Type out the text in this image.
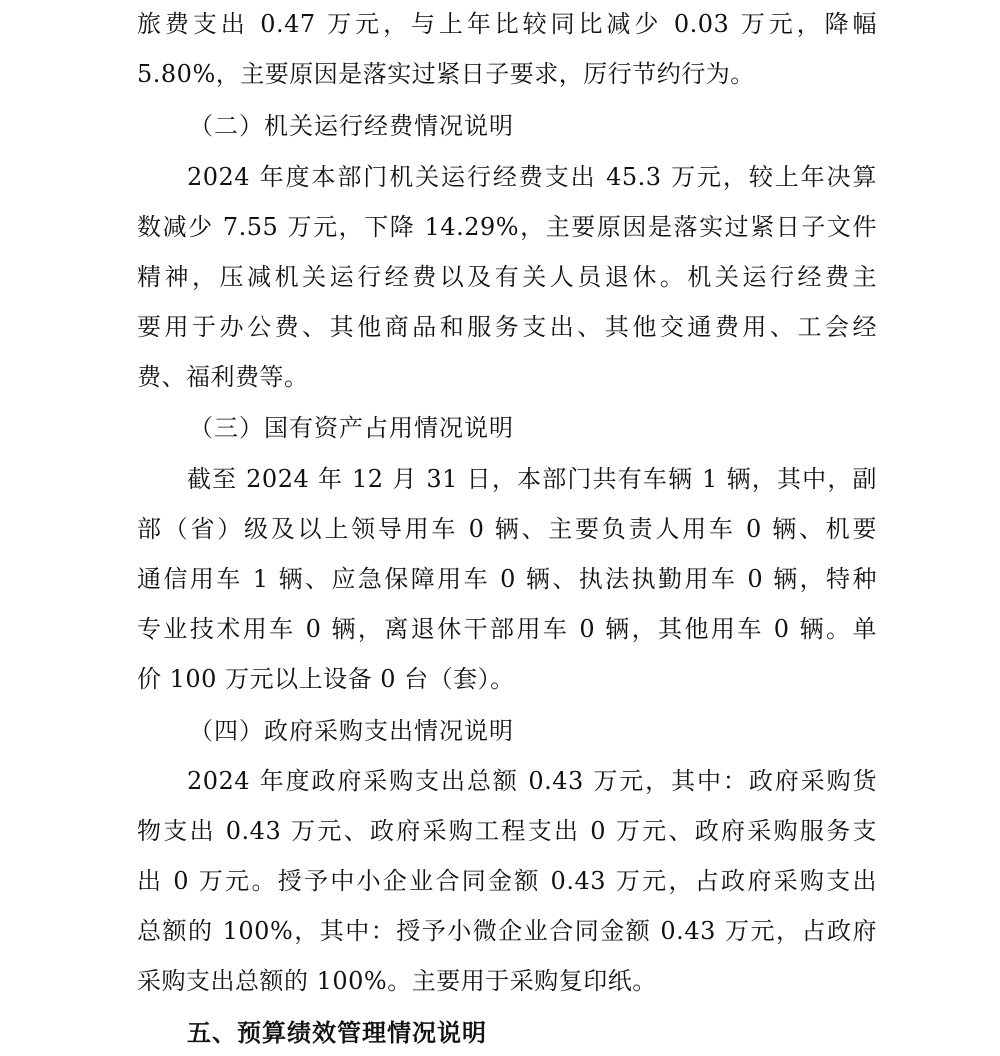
旅费支出 0.47 万元，与上年比较同比减少 0.03 万元，降幅
5.80%，主要原因是落实过紧日子要求，厉行节约行为。
（二）机关运行经费情况说明
2024 年度本部门机关运行经费支出 45.3 万元，较上年决算
数减少 7.55 万元，下降 14.29%，主要原因是落实过紧日子文件
精神，压减机关运行经费以及有关人员退休。机关运行经费主
要用于办公费、其他商品和服务支出、其他交通费用、工会经
费、福利费等。
（三）国有资产占用情况说明
截至 2024 年 12 月 31 日，本部门共有车辆 1 辆，其中，副
部（省）级及以上领导用车 0 辆、主要负责人用车 0 辆、机要
通信用车 1 辆、应急保障用车 0 辆、执法执勤用车 0 辆，特种
专业技术用车 0 辆，离退休干部用车 0 辆，其他用车 0 辆。单
价 100 万元以上设备 0 台（套）。
（四）政府采购支出情况说明
2024 年度政府采购支出总额 0.43 万元，其中：政府采购货
物支出 0.43 万元、政府采购工程支出 0 万元、政府采购服务支
出 0 万元。授予中小企业合同金额 0.43 万元，占政府采购支出
总额的 100%，其中：授予小微企业合同金额 0.43 万元，占政府
采购支出总额的 100%。主要用于采购复印纸。
五、预算绩效管理情况说明
